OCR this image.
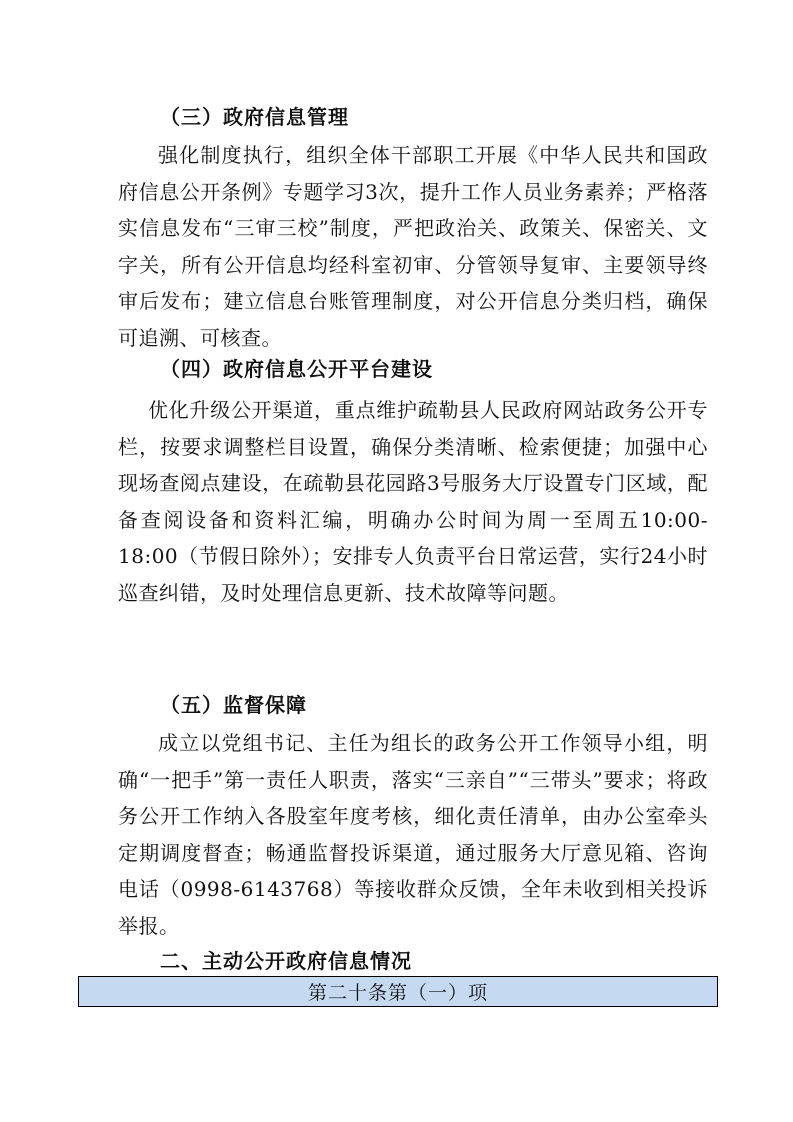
（三）政府信息管理

强化制度执行，组织全体干部职工开展《中华人民共和国政府信息公开条例》专题学习3次，提升工作人员业务素养；严格落实信息发布“三审三校”制度，严把政治关、政策关、保密关、文字关，所有公开信息均经科室初审、分管领导复审、主要领导终审后发布；建立信息台账管理制度，对公开信息分类归档，确保可追溯、可核查。

（四）政府信息公开平台建设

优化升级公开渠道，重点维护疏勒县人民政府网站政务公开专栏，按要求调整栏目设置，确保分类清晰、检索便捷；加强中心现场查阅点建设，在疏勒县花园路3号服务大厅设置专门区域，配备查阅设备和资料汇编，明确办公时间为周一至周五10:00-18:00（节假日除外）；安排专人负责平台日常运营，实行24小时巡查纠错，及时处理信息更新、技术故障等问题。

（五）监督保障

成立以党组书记、主任为组长的政务公开工作领导小组，明确“一把手”第一责任人职责，落实“三亲自”“三带头”要求；将政务公开工作纳入各股室年度考核，细化责任清单，由办公室牵头定期调度督查；畅通监督投诉渠道，通过服务大厅意见箱、咨询电话（0998-6143768）等接收群众反馈，全年未收到相关投诉举报。

二、主动公开政府信息情况
第二十条第（一）项
